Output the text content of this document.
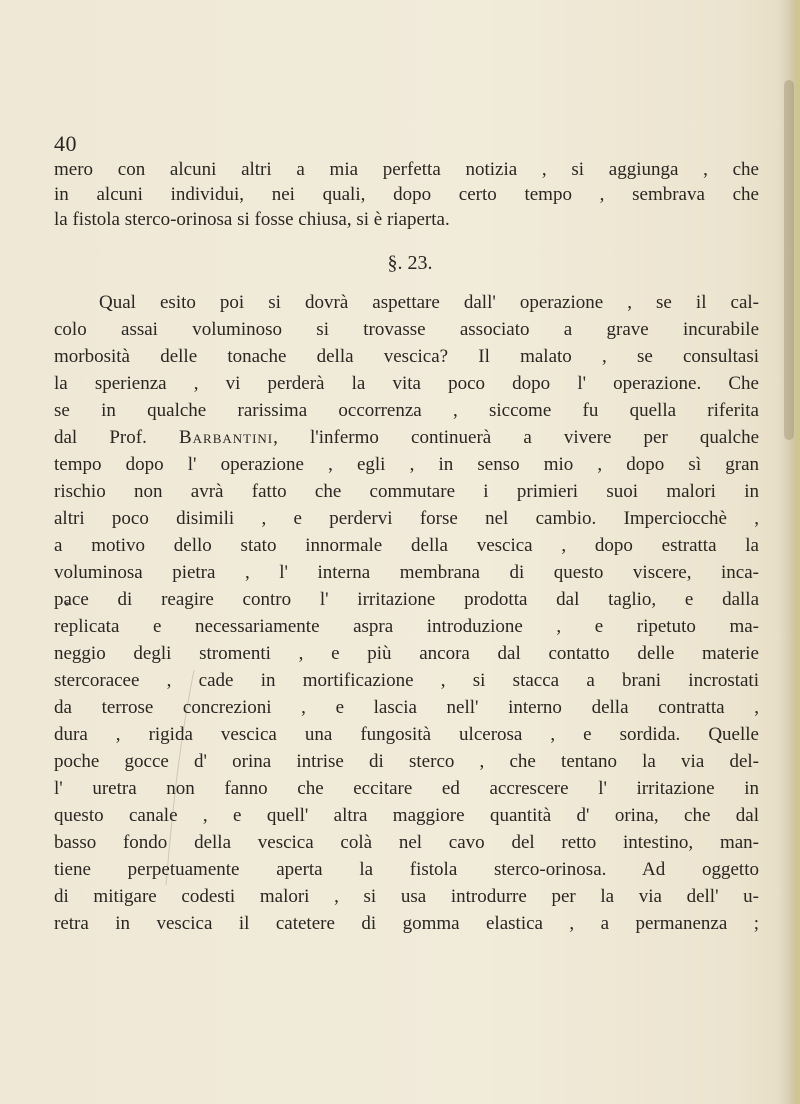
40
mero con alcuni altri a mia perfetta notizia , si aggiunga , che
in alcuni individui, nei quali, dopo certo tempo , sembrava che
la fistola sterco-orinosa si fosse chiusa, si è riaperta.
§. 23.
Qual esito poi si dovrà aspettare dall' operazione , se il cal-
colo assai voluminoso si trovasse associato a grave incurabile
morbosità delle tonache della vescica? Il malato , se consultasi
la sperienza , vi perderà la vita poco dopo l' operazione. Che
se in qualche rarissima occorrenza , siccome fu quella riferita
dal Prof. Barbantini, l'infermo continuerà a vivere per qualche
tempo dopo l' operazione , egli , in senso mio , dopo sì gran
rischio non avrà fatto che commutare i primieri suoi malori in
altri poco disimili , e perdervi forse nel cambio. Imperciocchè ,
a motivo dello stato innormale della vescica , dopo estratta la
voluminosa pietra , l' interna membrana di questo viscere, inca-
pace di reagire contro l' irritazione prodotta dal taglio, e dalla
replicata e necessariamente aspra introduzione , e ripetuto ma-
neggio degli stromenti , e più ancora dal contatto delle materie
stercoracee , cade in mortificazione , si stacca a brani incrostati
da terrose concrezioni , e lascia nell' interno della contratta ,
dura , rigida vescica una fungosità ulcerosa , e sordida. Quelle
poche gocce d' orina intrise di sterco , che tentano la via del-
l' uretra non fanno che eccitare ed accrescere l' irritazione in
questo canale , e quell' altra maggiore quantità d' orina, che dal
basso fondo della vescica colà nel cavo del retto intestino, man-
tiene perpetuamente aperta la fistola sterco-orinosa. Ad oggetto
di mitigare codesti malori , si usa introdurre per la via dell' u-
retra in vescica il catetere di gomma elastica , a permanenza ;
